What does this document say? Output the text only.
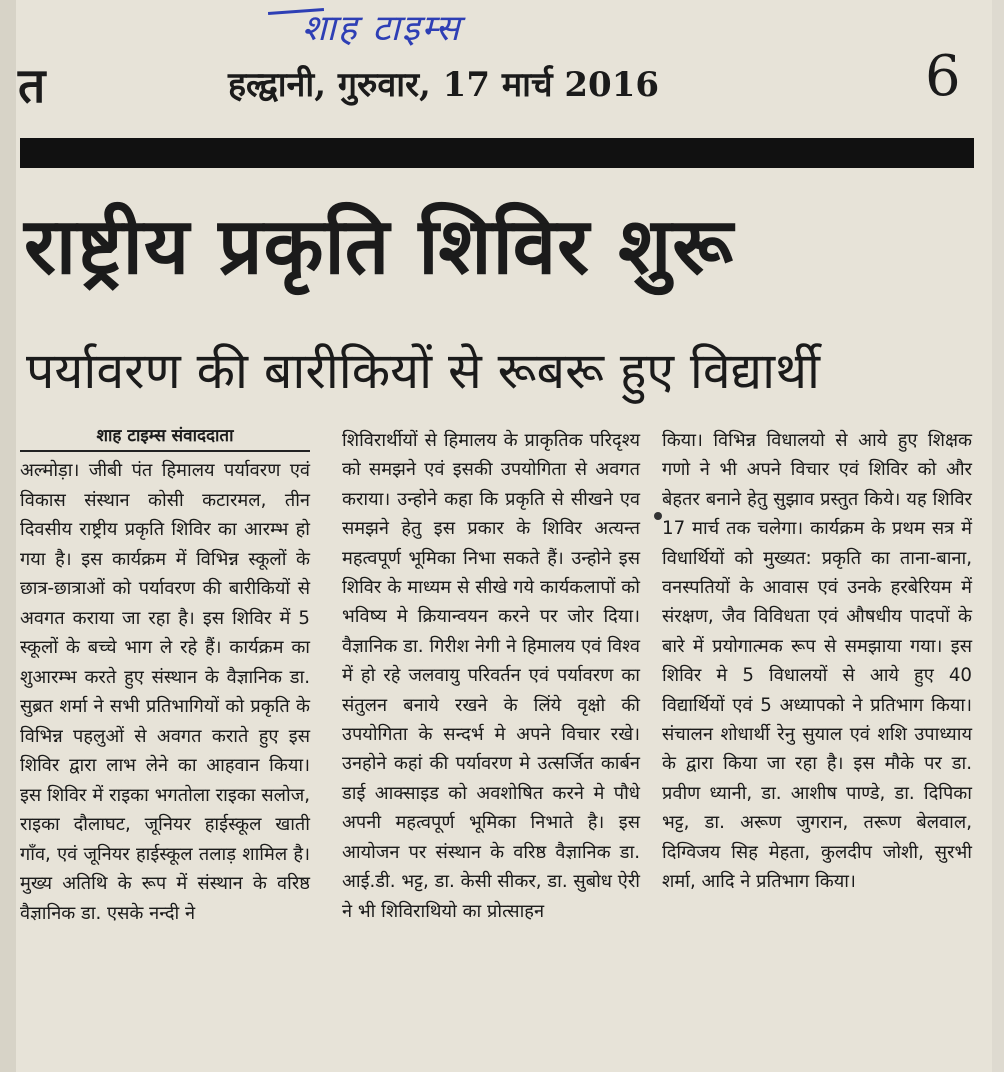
शाह टाइम्स
त	हल्द्वानी, गुरुवार, 17 मार्च 2016	6
राष्ट्रीय प्रकृति शिविर शुरू
पर्यावरण की बारीकियों से रूबरू हुए विद्यार्थी
शाह टाइम्स संवाददाता

अल्मोड़ा। जीबी पंत हिमालय पर्यावरण एवं विकास संस्थान कोसी कटारमल, तीन दिवसीय राष्ट्रीय प्रकृति शिविर का आरम्भ हो गया है। इस कार्यक्रम में विभिन्न स्कूलों के छात्र-छात्राओं को पर्यावरण की बारीकियों से अवगत कराया जा रहा है। इस शिविर में 5 स्कूलों के बच्चे भाग ले रहे हैं। कार्यक्रम का शुआरम्भ करते हुए संस्थान के वैज्ञानिक डा. सुब्रत शर्मा ने सभी प्रतिभागियों को प्रकृति के विभिन्न पहलुओं से अवगत कराते हुए इस शिविर द्वारा लाभ लेने का आहवान किया। इस शिविर में राइका भगतोला राइका सलोज, राइका दौलाघट, जूनियर हाईस्कूल खाती गाँव, एवं जूनियर हाईस्कूल तलाड़ शामिल है। मुख्य अतिथि के रूप में संस्थान के वरिष्ठ वैज्ञानिक डा. एसके नन्दी ने

शिविरार्थीयों से हिमालय के प्राकृतिक परिदृश्य को समझने एवं इसकी उपयोगिता से अवगत कराया। उन्होने कहा कि प्रकृति से सीखने एव समझने हेतु इस प्रकार के शिविर अत्यन्त महत्वपूर्ण भूमिका निभा सकते हैं। उन्होने इस शिविर के माध्यम से सीखे गये कार्यकलापों को भविष्य मे क्रियान्वयन करने पर जोर दिया। वैज्ञानिक डा. गिरीश नेगी ने हिमालय एवं विश्व में हो रहे जलवायु परिवर्तन एवं पर्यावरण का संतुलन बनाये रखने के लिंये वृक्षो की उपयोगिता के सन्दर्भ मे अपने विचार रखे। उनहोने कहां की पर्यावरण मे उत्सर्जित कार्बन डाई आक्साइड को अवशोषित करने मे पौधे अपनी महत्वपूर्ण भूमिका निभाते है। इस आयोजन पर संस्थान के वरिष्ठ वैज्ञानिक डा. आई.डी. भट्ट, डा. केसी सीकर, डा. सुबोध ऐरी ने भी शिविराथियो का प्रोत्साहन

किया। विभिन्न विधालयो से आये हुए शिक्षक गणो ने भी अपने विचार एवं शिविर को और बेहतर बनाने हेतु सुझाव प्रस्तुत किये। यह शिविर 17 मार्च तक चलेगा। कार्यक्रम के प्रथम सत्र में विधार्थियों को मुख्यत: प्रकृति का ताना-बाना, वनस्पतियों के आवास एवं उनके हरबेरियम में संरक्षण, जैव विविधता एवं औषधीय पादपों के बारे में प्रयोगात्मक रूप से समझाया गया। इस शिविर मे 5 विधालयों से आये हुए 40 विद्यार्थियों एवं 5 अध्यापको ने प्रतिभाग किया। संचालन शोधार्थी रेनु सुयाल एवं शशि उपाध्याय के द्वारा किया जा रहा है। इस मौके पर डा. प्रवीण ध्यानी, डा. आशीष पाण्डे, डा. दिपिका भट्ट, डा. अरूण जुगरान, तरूण बेलवाल, दिग्विजय सिह मेहता, कुलदीप जोशी, सुरभी शर्मा, आदि ने प्रतिभाग किया।
